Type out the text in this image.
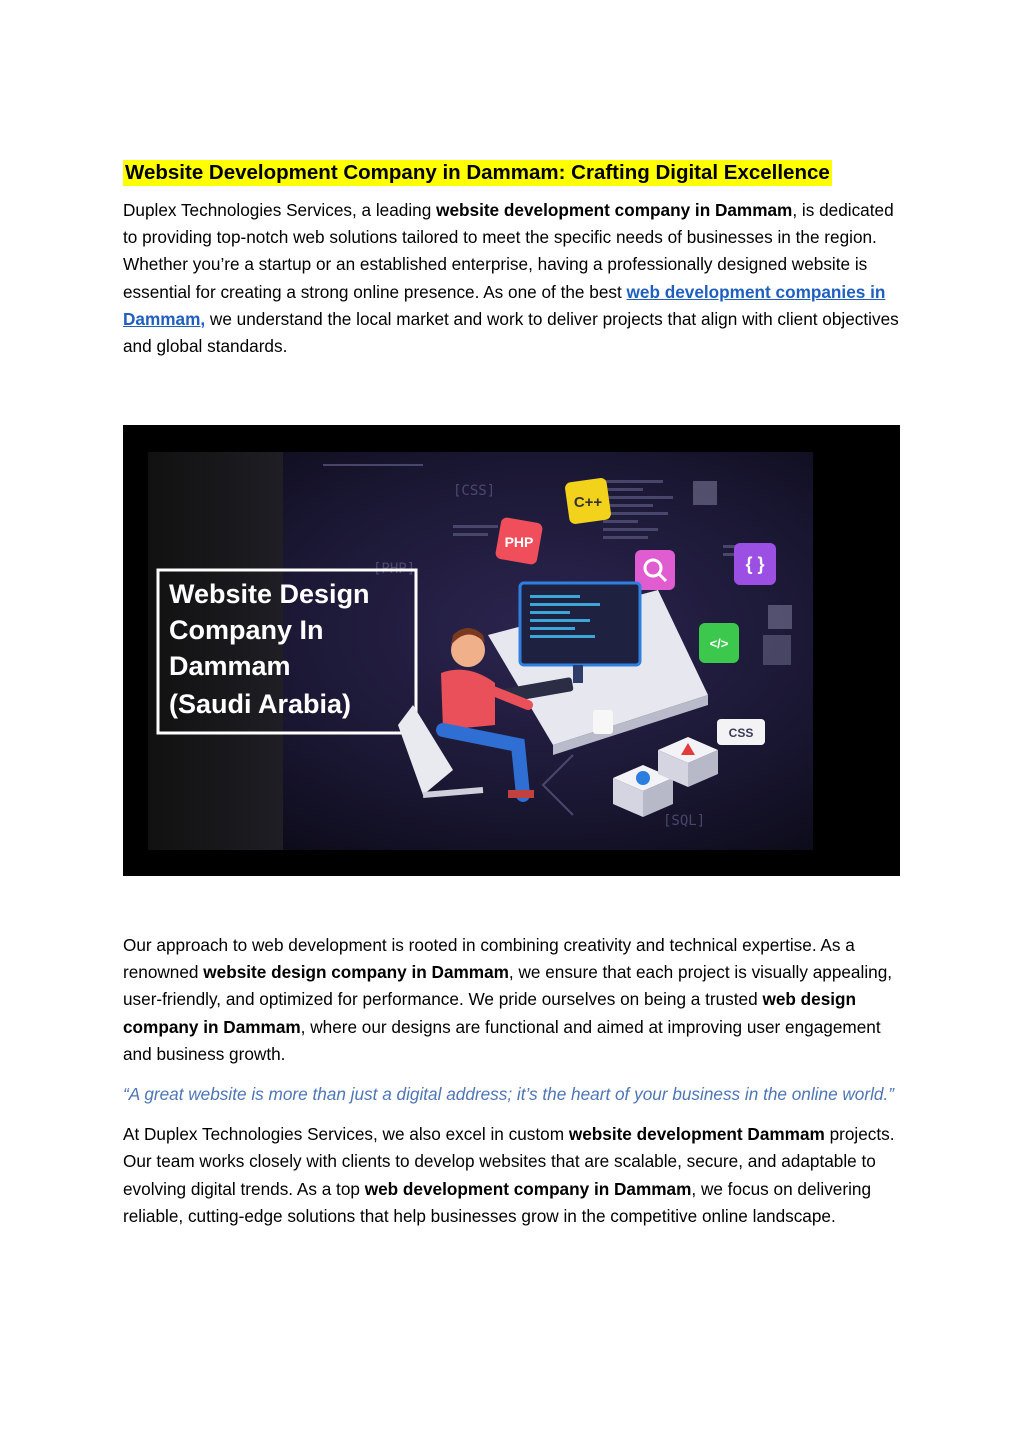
Website Development Company in Dammam: Crafting Digital Excellence

Duplex Technologies Services, a leading website development company in Dammam, is dedicated to providing top-notch web solutions tailored to meet the specific needs of businesses in the region. Whether you’re a startup or an established enterprise, having a professionally designed website is essential for creating a strong online presence. As one of the best web development companies in Dammam, we understand the local market and work to deliver projects that align with client objectives and global standards.

[CSS]
[PHP]
[SQL]
Website Design
Company In
Dammam
(Saudi Arabia)
C++
PHP
{ }
</>
CSS

Our approach to web development is rooted in combining creativity and technical expertise. As a renowned website design company in Dammam, we ensure that each project is visually appealing, user-friendly, and optimized for performance. We pride ourselves on being a trusted web design company in Dammam, where our designs are functional and aimed at improving user engagement and business growth.

“A great website is more than just a digital address; it’s the heart of your business in the online world.”

At Duplex Technologies Services, we also excel in custom website development Dammam projects. Our team works closely with clients to develop websites that are scalable, secure, and adaptable to evolving digital trends. As a top web development company in Dammam, we focus on delivering reliable, cutting-edge solutions that help businesses grow in the competitive online landscape.
